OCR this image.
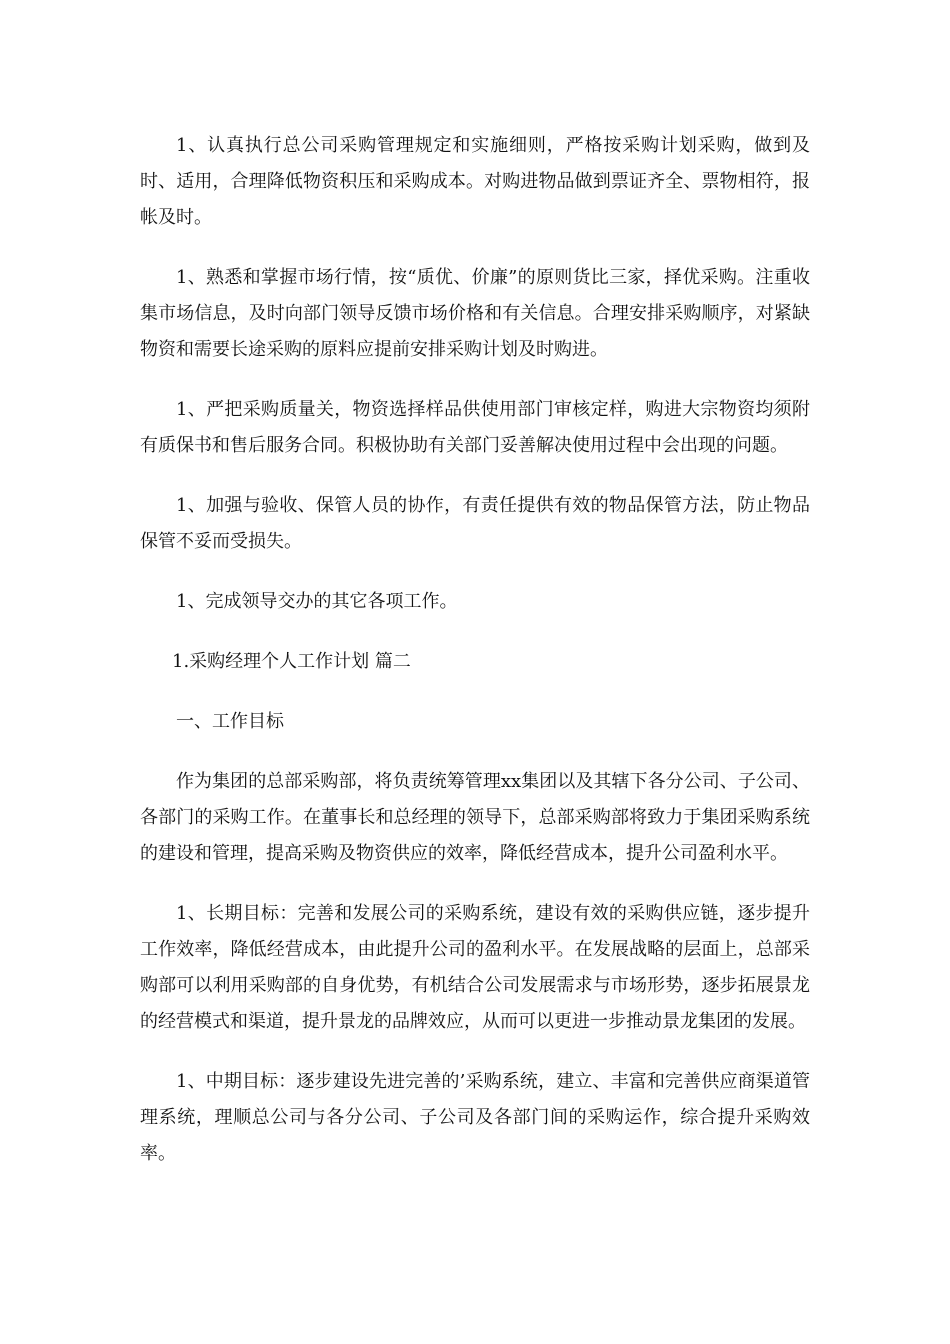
1、认真执行总公司采购管理规定和实施细则，严格按采购计划采购，做到及时、适用，合理降低物资积压和采购成本。对购进物品做到票证齐全、票物相符，报帐及时。

1、熟悉和掌握市场行情，按“质优、价廉”的原则货比三家，择优采购。注重收集市场信息，及时向部门领导反馈市场价格和有关信息。合理安排采购顺序，对紧缺物资和需要长途采购的原料应提前安排采购计划及时购进。

1、严把采购质量关，物资选择样品供使用部门审核定样，购进大宗物资均须附有质保书和售后服务合同。积极协助有关部门妥善解决使用过程中会出现的问题。

1、加强与验收、保管人员的协作，有责任提供有效的物品保管方法，防止物品保管不妥而受损失。

1、完成领导交办的其它各项工作。

1.采购经理个人工作计划 篇二

一、工作目标

作为集团的总部采购部，将负责统筹管理xx集团以及其辖下各分公司、子公司、各部门的采购工作。在董事长和总经理的领导下，总部采购部将致力于集团采购系统的建设和管理，提高采购及物资供应的效率，降低经营成本，提升公司盈利水平。

1、长期目标：完善和发展公司的采购系统，建设有效的采购供应链，逐步提升工作效率，降低经营成本，由此提升公司的盈利水平。在发展战略的层面上，总部采购部可以利用采购部的自身优势，有机结合公司发展需求与市场形势，逐步拓展景龙的经营模式和渠道，提升景龙的品牌效应，从而可以更进一步推动景龙集团的发展。

1、中期目标：逐步建设先进完善的’采购系统，建立、丰富和完善供应商渠道管理系统，理顺总公司与各分公司、子公司及各部门间的采购运作，综合提升采购效率。
